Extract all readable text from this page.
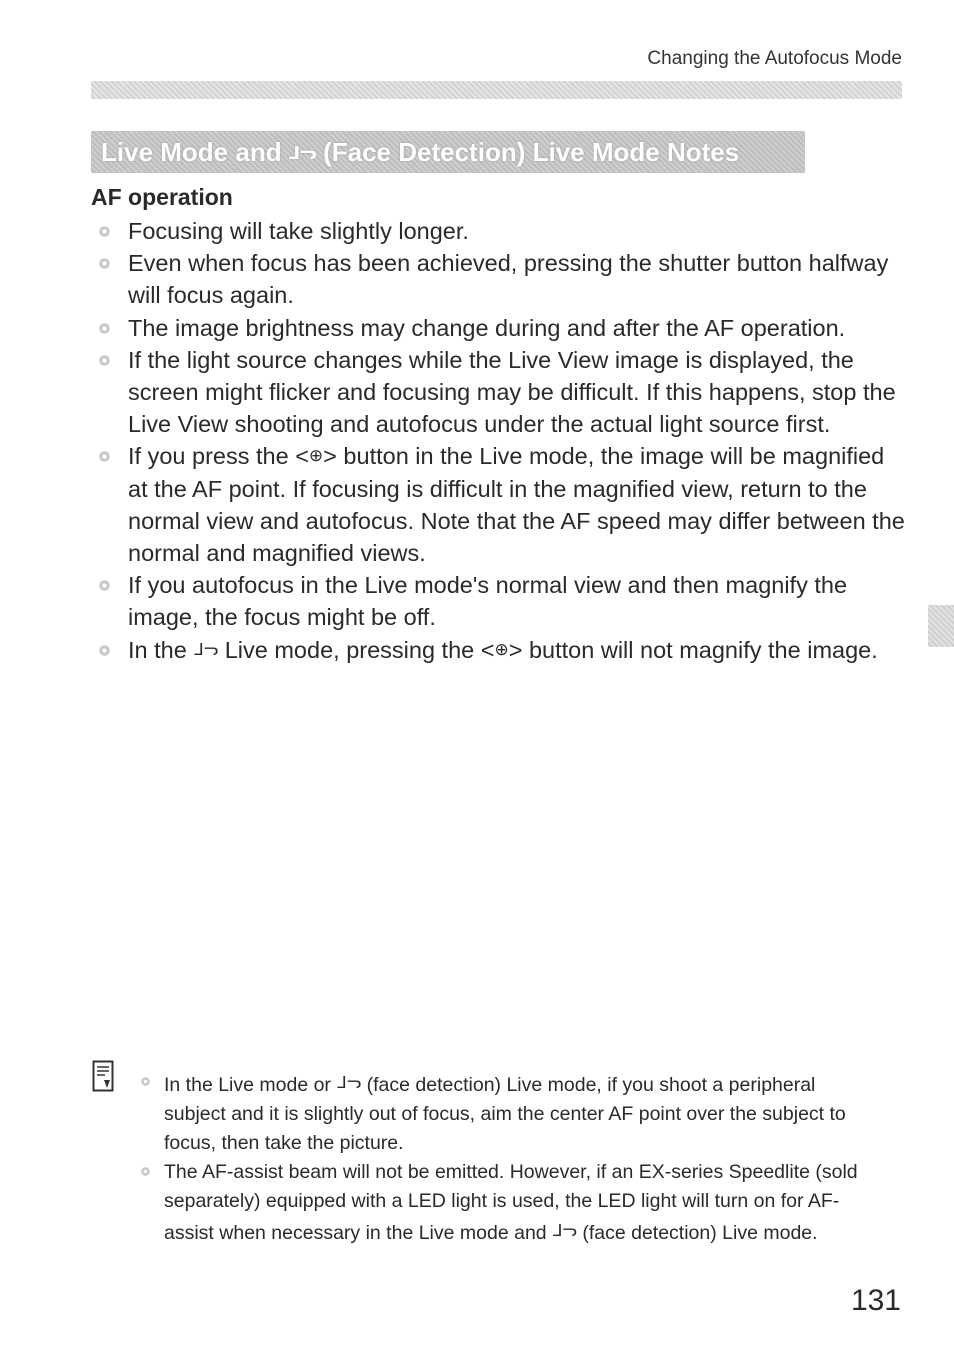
Changing the Autofocus Mode
Live Mode and ᒧᓓ (Face Detection) Live Mode Notes
AF operation
Focusing will take slightly longer.
Even when focus has been achieved, pressing the shutter button halfway will focus again.
The image brightness may change during and after the AF operation.
If the light source changes while the Live View image is displayed, the screen might flicker and focusing may be difficult. If this happens, stop the Live View shooting and autofocus under the actual light source first.
If you press the <⊕> button in the Live mode, the image will be magnified at the AF point. If focusing is difficult in the magnified view, return to the normal view and autofocus. Note that the AF speed may differ between the normal and magnified views.
If you autofocus in the Live mode's normal view and then magnify the image, the focus might be off.
In the ᒧᓓ Live mode, pressing the <⊕> button will not magnify the image.
In the Live mode or ᒧᓓ (face detection) Live mode, if you shoot a peripheral subject and it is slightly out of focus, aim the center AF point over the subject to focus, then take the picture.
The AF-assist beam will not be emitted. However, if an EX-series Speedlite (sold separately) equipped with a LED light is used, the LED light will turn on for AF-assist when necessary in the Live mode and ᒧᓓ (face detection) Live mode.
131
